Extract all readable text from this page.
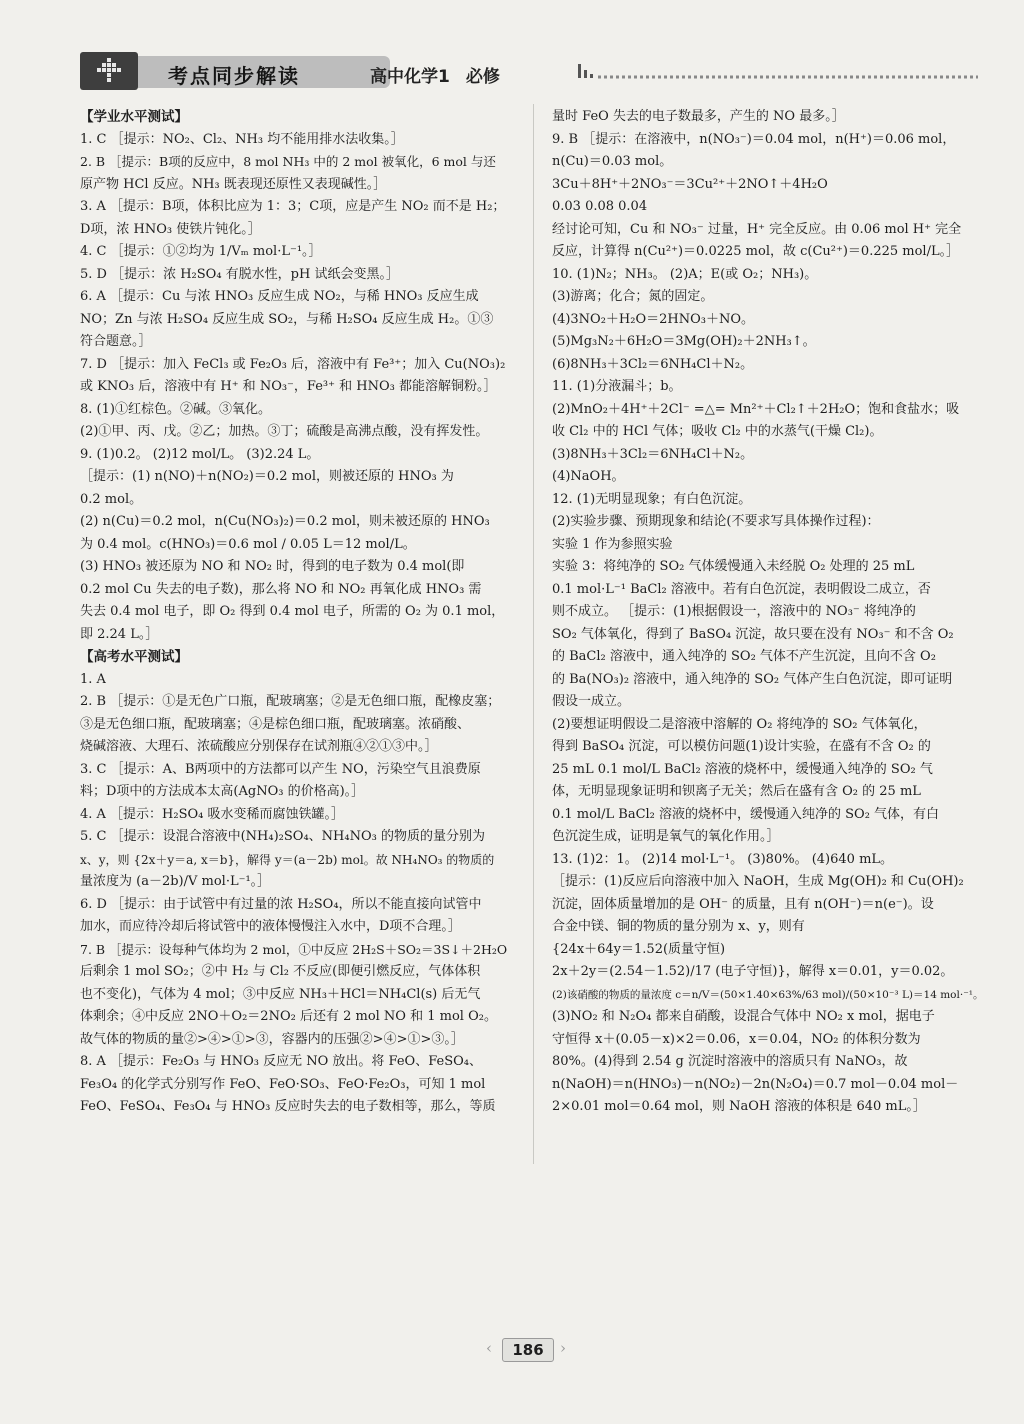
考点同步解读	高中化学1 必修
【学业水平测试】
1. C ［提示：NO₂、Cl₂、NH₃ 均不能用排水法收集。］
2. B ［提示：B项的反应中，8 mol NH₃ 中的 2 mol 被氧化，6 mol 与还
原产物 HCl 反应。NH₃ 既表现还原性又表现碱性。］
3. A ［提示：B项，体积比应为 1：3；C项，应是产生 NO₂ 而不是 H₂；
D项，浓 HNO₃ 使铁片钝化。］
4. C ［提示：①②均为 1/Vₘ mol·L⁻¹。］
5. D ［提示：浓 H₂SO₄ 有脱水性，pH 试纸会变黑。］
6. A ［提示：Cu 与浓 HNO₃ 反应生成 NO₂，与稀 HNO₃ 反应生成
NO；Zn 与浓 H₂SO₄ 反应生成 SO₂，与稀 H₂SO₄ 反应生成 H₂。①③
符合题意。］
7. D ［提示：加入 FeCl₃ 或 Fe₂O₃ 后，溶液中有 Fe³⁺；加入 Cu(NO₃)₂
或 KNO₃ 后，溶液中有 H⁺ 和 NO₃⁻，Fe³⁺ 和 HNO₃ 都能溶解铜粉。］
8. (1)①红棕色。②碱。③氧化。
(2)①甲、丙、戊。②乙；加热。③丁；硫酸是高沸点酸，没有挥发性。
9. (1)0.2。 (2)12 mol/L。 (3)2.24 L。
［提示：(1) n(NO)＋n(NO₂)＝0.2 mol，则被还原的 HNO₃ 为
0.2 mol。
(2) n(Cu)＝0.2 mol，n(Cu(NO₃)₂)＝0.2 mol，则未被还原的 HNO₃
为 0.4 mol。c(HNO₃)＝0.6 mol / 0.05 L＝12 mol/L。
(3) HNO₃ 被还原为 NO 和 NO₂ 时，得到的电子数为 0.4 mol(即
0.2 mol Cu 失去的电子数)，那么将 NO 和 NO₂ 再氧化成 HNO₃ 需
失去 0.4 mol 电子，即 O₂ 得到 0.4 mol 电子，所需的 O₂ 为 0.1 mol，
即 2.24 L。］
【高考水平测试】
1. A
2. B ［提示：①是无色广口瓶，配玻璃塞；②是无色细口瓶，配橡皮塞；
③是无色细口瓶，配玻璃塞；④是棕色细口瓶，配玻璃塞。浓硝酸、
烧碱溶液、大理石、浓硫酸应分别保存在试剂瓶④②①③中。］
3. C ［提示：A、B两项中的方法都可以产生 NO，污染空气且浪费原
料；D项中的方法成本太高(AgNO₃ 的价格高)。］
4. A ［提示：H₂SO₄ 吸水变稀而腐蚀铁罐。］
5. C ［提示：设混合溶液中(NH₄)₂SO₄、NH₄NO₃ 的物质的量分别为
x、y，则 {2x＋y＝a, x＝b}，解得 y＝(a－2b) mol。故 NH₄NO₃ 的物质的
量浓度为 (a－2b)/V mol·L⁻¹。］
6. D ［提示：由于试管中有过量的浓 H₂SO₄，所以不能直接向试管中
加水，而应待冷却后将试管中的液体慢慢注入水中，D项不合理。］
7. B ［提示：设每种气体均为 2 mol，①中反应 2H₂S＋SO₂＝3S↓＋2H₂O
后剩余 1 mol SO₂；②中 H₂ 与 Cl₂ 不反应(即便引燃反应，气体体积
也不变化)，气体为 4 mol；③中反应 NH₃＋HCl＝NH₄Cl(s) 后无气
体剩余；④中反应 2NO＋O₂＝2NO₂ 后还有 2 mol NO 和 1 mol O₂。
故气体的物质的量②>④>①>③，容器内的压强②>④>①>③。］
8. A ［提示：Fe₂O₃ 与 HNO₃ 反应无 NO 放出。将 FeO、FeSO₄、
Fe₃O₄ 的化学式分别写作 FeO、FeO·SO₃、FeO·Fe₂O₃，可知 1 mol
FeO、FeSO₄、Fe₃O₄ 与 HNO₃ 反应时失去的电子数相等，那么，等质
量时 FeO 失去的电子数最多，产生的 NO 最多。］
9. B ［提示：在溶液中，n(NO₃⁻)＝0.04 mol，n(H⁺)＝0.06 mol，
n(Cu)＝0.03 mol。
3Cu＋8H⁺＋2NO₃⁻＝3Cu²⁺＋2NO↑＋4H₂O
0.03 0.08 0.04
经讨论可知，Cu 和 NO₃⁻ 过量，H⁺ 完全反应。由 0.06 mol H⁺ 完全
反应，计算得 n(Cu²⁺)＝0.0225 mol，故 c(Cu²⁺)＝0.225 mol/L。］
10. (1)N₂；NH₃。 (2)A；E(或 O₂；NH₃)。
(3)游离；化合；氮的固定。
(4)3NO₂＋H₂O＝2HNO₃＋NO。
(5)Mg₃N₂＋6H₂O＝3Mg(OH)₂＋2NH₃↑。
(6)8NH₃＋3Cl₂＝6NH₄Cl＋N₂。
11. (1)分液漏斗；b。
(2)MnO₂＋4H⁺＋2Cl⁻ =△= Mn²⁺＋Cl₂↑＋2H₂O；饱和食盐水；吸
收 Cl₂ 中的 HCl 气体；吸收 Cl₂ 中的水蒸气(干燥 Cl₂)。
(3)8NH₃＋3Cl₂＝6NH₄Cl＋N₂。
(4)NaOH。
12. (1)无明显现象；有白色沉淀。
(2)实验步骤、预期现象和结论(不要求写具体操作过程)：
实验 1 作为参照实验
实验 3：将纯净的 SO₂ 气体缓慢通入未经脱 O₂ 处理的 25 mL
0.1 mol·L⁻¹ BaCl₂ 溶液中。若有白色沉淀，表明假设二成立，否
则不成立。 ［提示：(1)根据假设一，溶液中的 NO₃⁻ 将纯净的
SO₂ 气体氧化，得到了 BaSO₄ 沉淀，故只要在没有 NO₃⁻ 和不含 O₂
的 BaCl₂ 溶液中，通入纯净的 SO₂ 气体不产生沉淀，且向不含 O₂
的 Ba(NO₃)₂ 溶液中，通入纯净的 SO₂ 气体产生白色沉淀，即可证明
假设一成立。
(2)要想证明假设二是溶液中溶解的 O₂ 将纯净的 SO₂ 气体氧化，
得到 BaSO₄ 沉淀，可以模仿问题(1)设计实验，在盛有不含 O₂ 的
25 mL 0.1 mol/L BaCl₂ 溶液的烧杯中，缓慢通入纯净的 SO₂ 气
体，无明显现象证明和钡离子无关；然后在盛有含 O₂ 的 25 mL
0.1 mol/L BaCl₂ 溶液的烧杯中，缓慢通入纯净的 SO₂ 气体，有白
色沉淀生成，证明是氧气的氧化作用。］
13. (1)2：1。 (2)14 mol·L⁻¹。 (3)80%。 (4)640 mL。
［提示：(1)反应后向溶液中加入 NaOH，生成 Mg(OH)₂ 和 Cu(OH)₂
沉淀，固体质量增加的是 OH⁻ 的质量，且有 n(OH⁻)＝n(e⁻)。设
合金中镁、铜的物质的量分别为 x、y，则有
{24x＋64y＝1.52(质量守恒)
2x＋2y＝(2.54－1.52)/17 (电子守恒)}，解得 x＝0.01，y＝0.02。
(2)该硝酸的物质的量浓度 c＝n/V＝(50×1.40×63%/63 mol)/(50×10⁻³ L)＝14 mol·⁻¹。
(3)NO₂ 和 N₂O₄ 都来自硝酸，设混合气体中 NO₂ x mol，据电子
守恒得 x＋(0.05－x)×2＝0.06，x＝0.04，NO₂ 的体积分数为
80%。(4)得到 2.54 g 沉淀时溶液中的溶质只有 NaNO₃，故
n(NaOH)＝n(HNO₃)－n(NO₂)－2n(N₂O₄)＝0.7 mol－0.04 mol－
2×0.01 mol＝0.64 mol，则 NaOH 溶液的体积是 640 mL。］
‹	186	›
